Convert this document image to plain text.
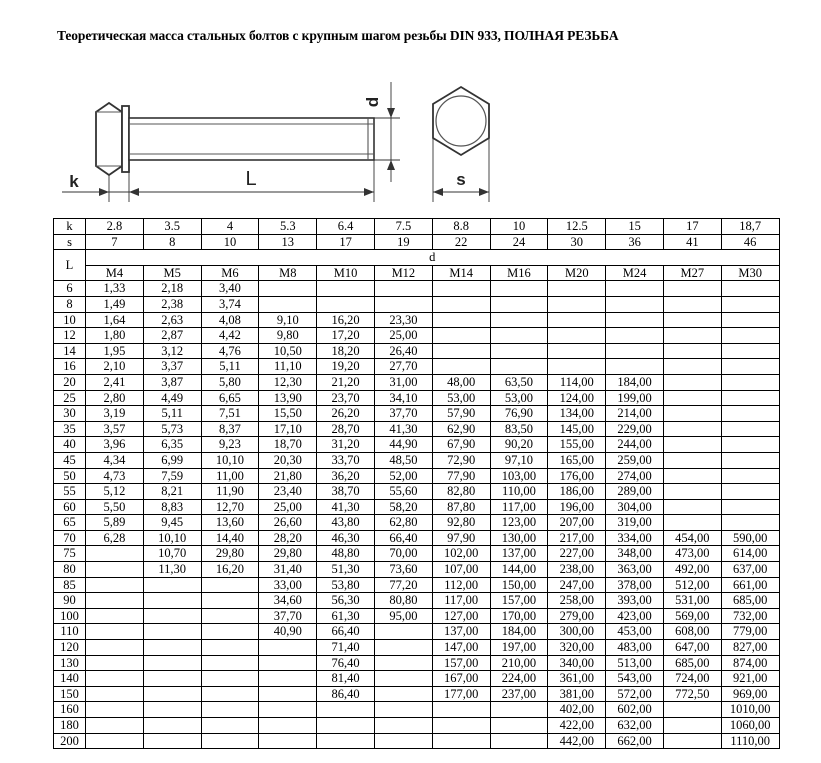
Теоретическая масса стальных болтов с крупным шагом резьбы DIN 933, ПОЛНАЯ РЕЗЬБА
d
k	L	s
k	2.8	3.5	4	5.3	6.4	7.5	8.8	10	12.5	15	17	18,7
s	7	8	10	13	17	19	22	24	30	36	41	46
L	d											
	M4	M5	M6	M8	M10	M12	M14	M16	M20	M24	M27	M30
6	1,33	2,18	3,40									
8	1,49	2,38	3,74									
10	1,64	2,63	4,08	9,10	16,20	23,30						
12	1,80	2,87	4,42	9,80	17,20	25,00						
14	1,95	3,12	4,76	10,50	18,20	26,40						
16	2,10	3,37	5,11	11,10	19,20	27,70						
20	2,41	3,87	5,80	12,30	21,20	31,00	48,00	63,50	114,00	184,00		
25	2,80	4,49	6,65	13,90	23,70	34,10	53,00	53,00	124,00	199,00		
30	3,19	5,11	7,51	15,50	26,20	37,70	57,90	76,90	134,00	214,00		
35	3,57	5,73	8,37	17,10	28,70	41,30	62,90	83,50	145,00	229,00		
40	3,96	6,35	9,23	18,70	31,20	44,90	67,90	90,20	155,00	244,00		
45	4,34	6,99	10,10	20,30	33,70	48,50	72,90	97,10	165,00	259,00		
50	4,73	7,59	11,00	21,80	36,20	52,00	77,90	103,00	176,00	274,00		
55	5,12	8,21	11,90	23,40	38,70	55,60	82,80	110,00	186,00	289,00		
60	5,50	8,83	12,70	25,00	41,30	58,20	87,80	117,00	196,00	304,00		
65	5,89	9,45	13,60	26,60	43,80	62,80	92,80	123,00	207,00	319,00		
70	6,28	10,10	14,40	28,20	46,30	66,40	97,90	130,00	217,00	334,00	454,00	590,00
75		10,70	29,80	29,80	48,80	70,00	102,00	137,00	227,00	348,00	473,00	614,00
80		11,30	16,20	31,40	51,30	73,60	107,00	144,00	238,00	363,00	492,00	637,00
85				33,00	53,80	77,20	112,00	150,00	247,00	378,00	512,00	661,00
90				34,60	56,30	80,80	117,00	157,00	258,00	393,00	531,00	685,00
100				37,70	61,30	95,00	127,00	170,00	279,00	423,00	569,00	732,00
110				40,90	66,40		137,00	184,00	300,00	453,00	608,00	779,00
120					71,40		147,00	197,00	320,00	483,00	647,00	827,00
130					76,40		157,00	210,00	340,00	513,00	685,00	874,00
140					81,40		167,00	224,00	361,00	543,00	724,00	921,00
150					86,40		177,00	237,00	381,00	572,00	772,50	969,00
160									402,00	602,00		1010,00
180									422,00	632,00		1060,00
200									442,00	662,00		1110,00
